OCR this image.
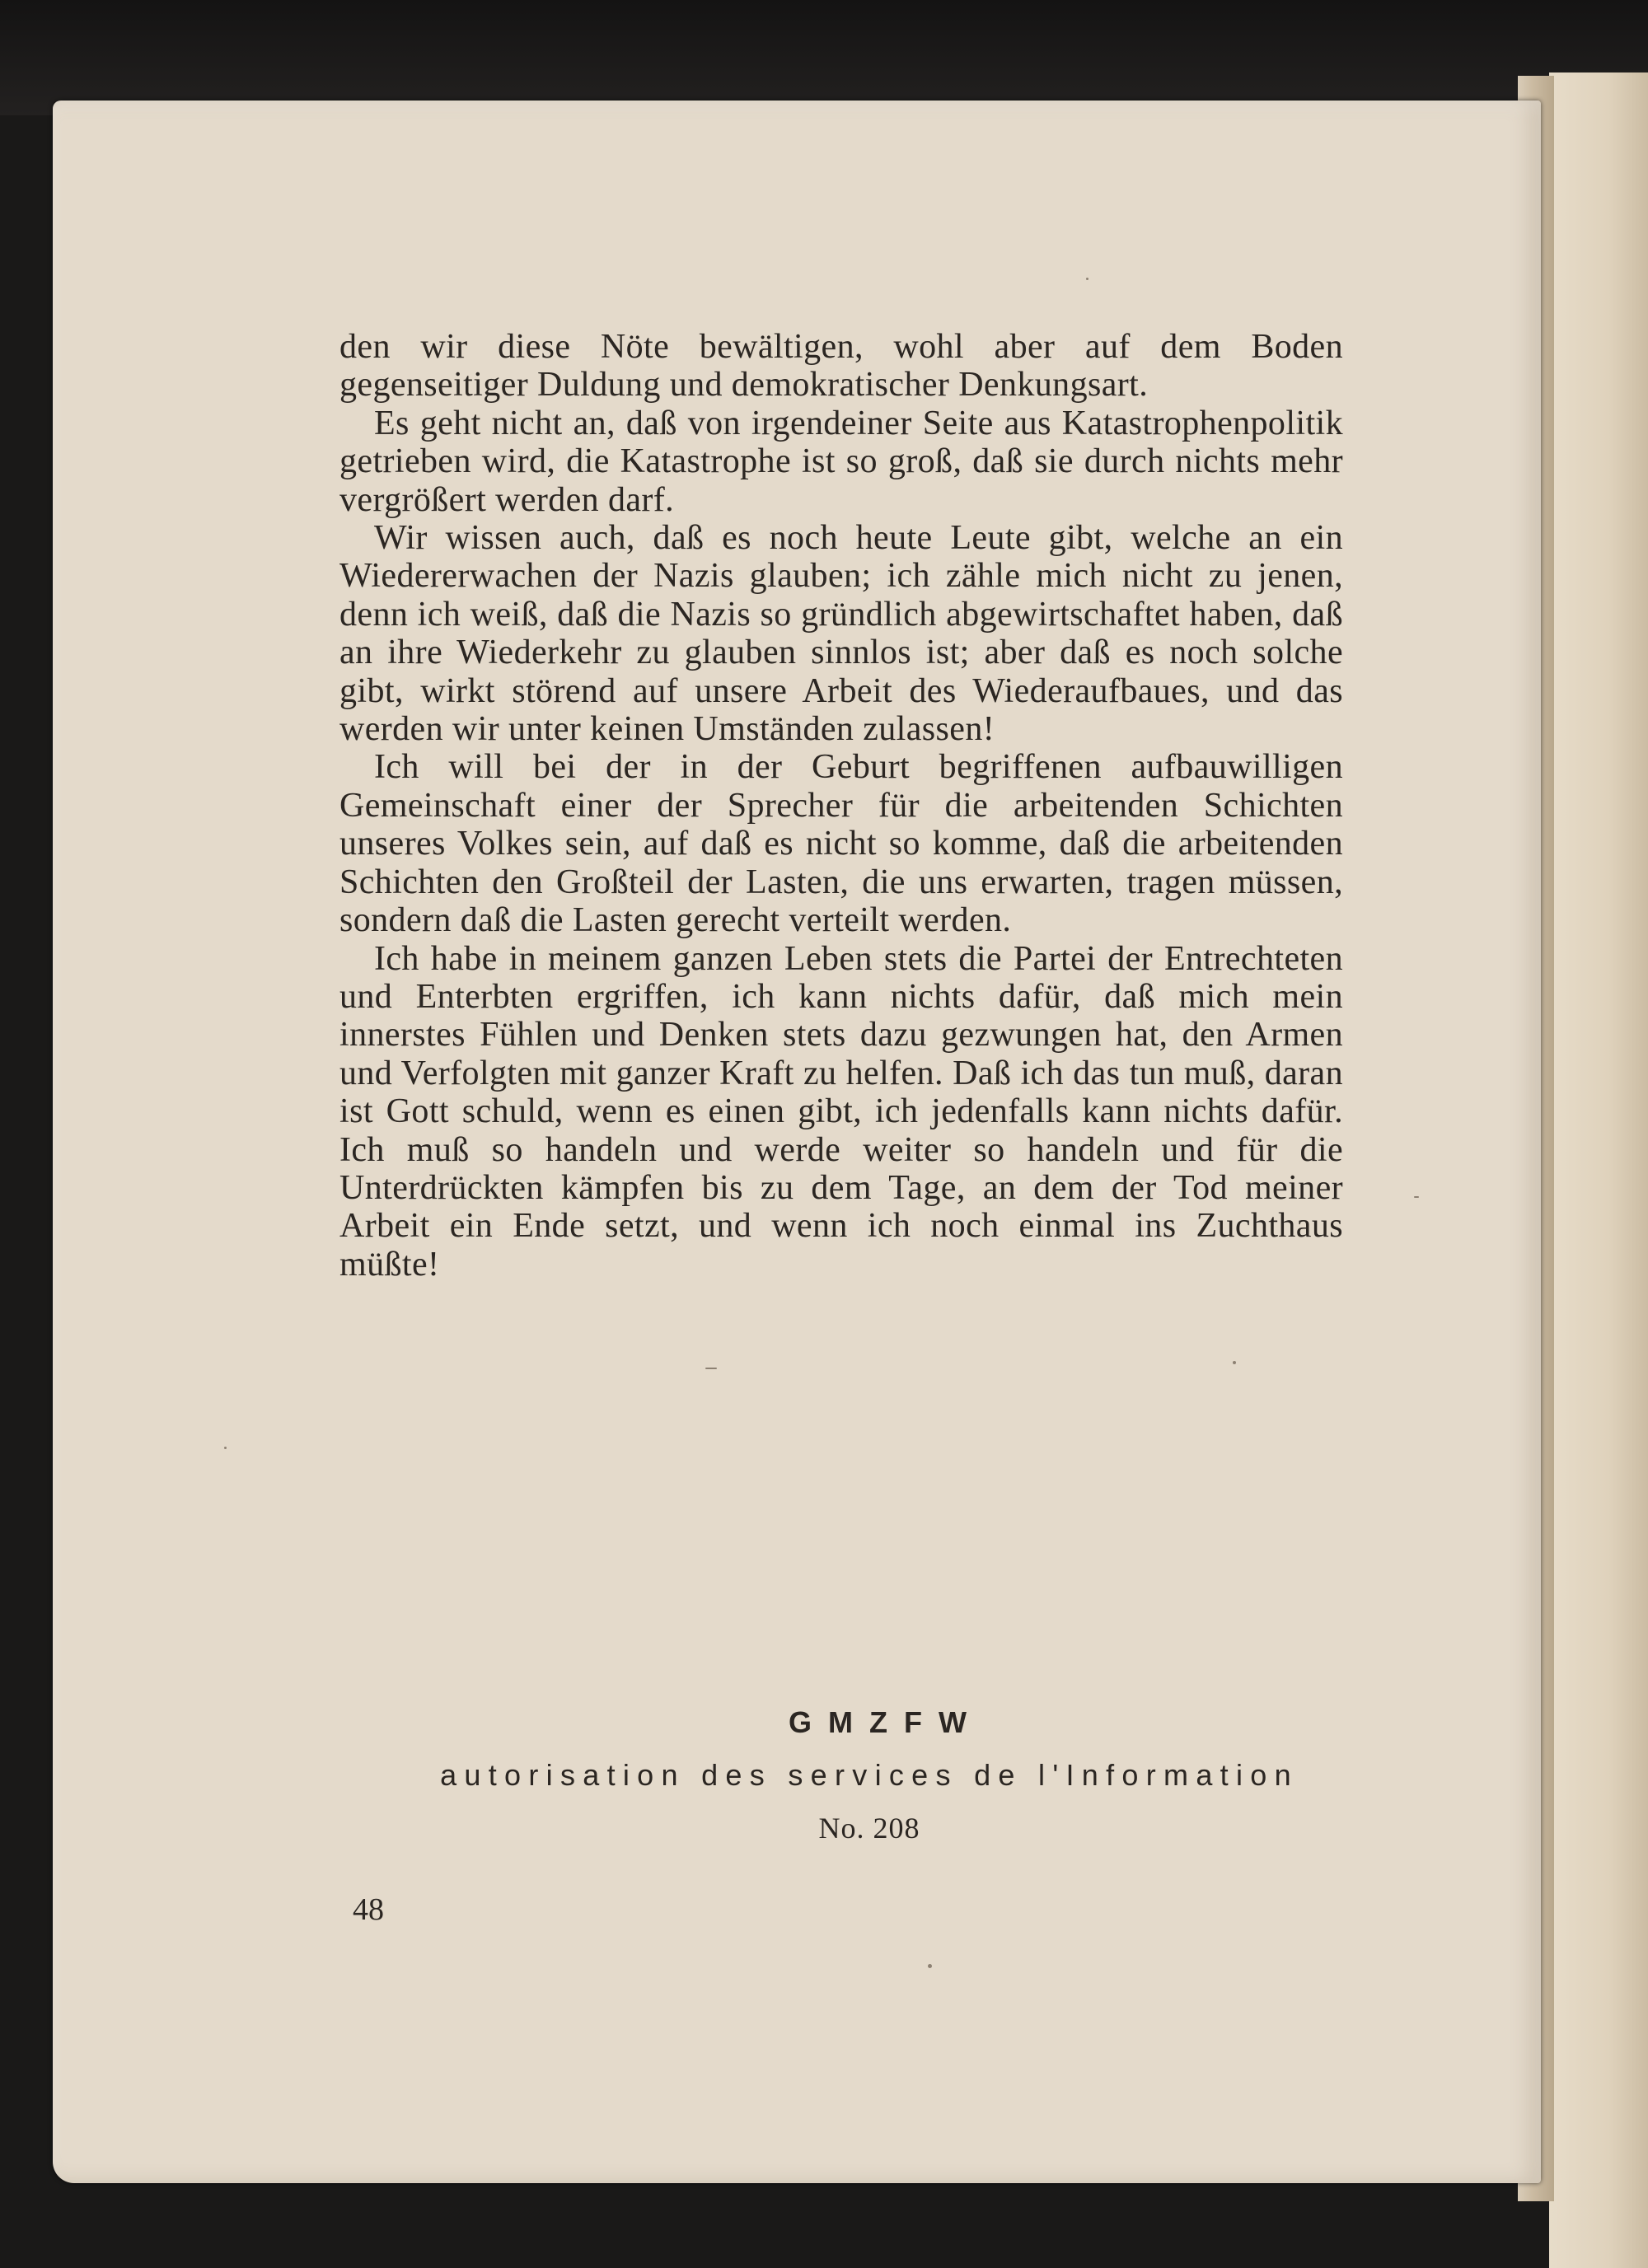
den wir diese Nöte bewältigen, wohl aber auf dem Boden gegenseitiger Duldung und demokratischer Denkungsart.

Es geht nicht an, daß von irgendeiner Seite aus Katastrophenpolitik getrieben wird, die Katastrophe ist so groß, daß sie durch nichts mehr vergrößert werden darf.

Wir wissen auch, daß es noch heute Leute gibt, welche an ein Wiedererwachen der Nazis glauben; ich zähle mich nicht zu jenen, denn ich weiß, daß die Nazis so gründlich abgewirtschaftet haben, daß an ihre Wiederkehr zu glauben sinnlos ist; aber daß es noch solche gibt, wirkt störend auf unsere Arbeit des Wiederaufbaues, und das werden wir unter keinen Umständen zulassen!

Ich will bei der in der Geburt begriffenen aufbauwilligen Gemeinschaft einer der Sprecher für die arbeitenden Schichten unseres Volkes sein, auf daß es nicht so komme, daß die arbeitenden Schichten den Großteil der Lasten, die uns erwarten, tragen müssen, sondern daß die Lasten gerecht verteilt werden.

Ich habe in meinem ganzen Leben stets die Partei der Entrechteten und Enterbten ergriffen, ich kann nichts dafür, daß mich mein innerstes Fühlen und Denken stets dazu gezwungen hat, den Armen und Verfolgten mit ganzer Kraft zu helfen. Daß ich das tun muß, daran ist Gott schuld, wenn es einen gibt, ich jedenfalls kann nichts dafür. Ich muß so handeln und werde weiter so handeln und für die Unterdrückten kämpfen bis zu dem Tage, an dem der Tod meiner Arbeit ein Ende setzt, und wenn ich noch einmal ins Zuchthaus müßte!

GMZFW
autorisation des services de l'Information
No. 208
48
